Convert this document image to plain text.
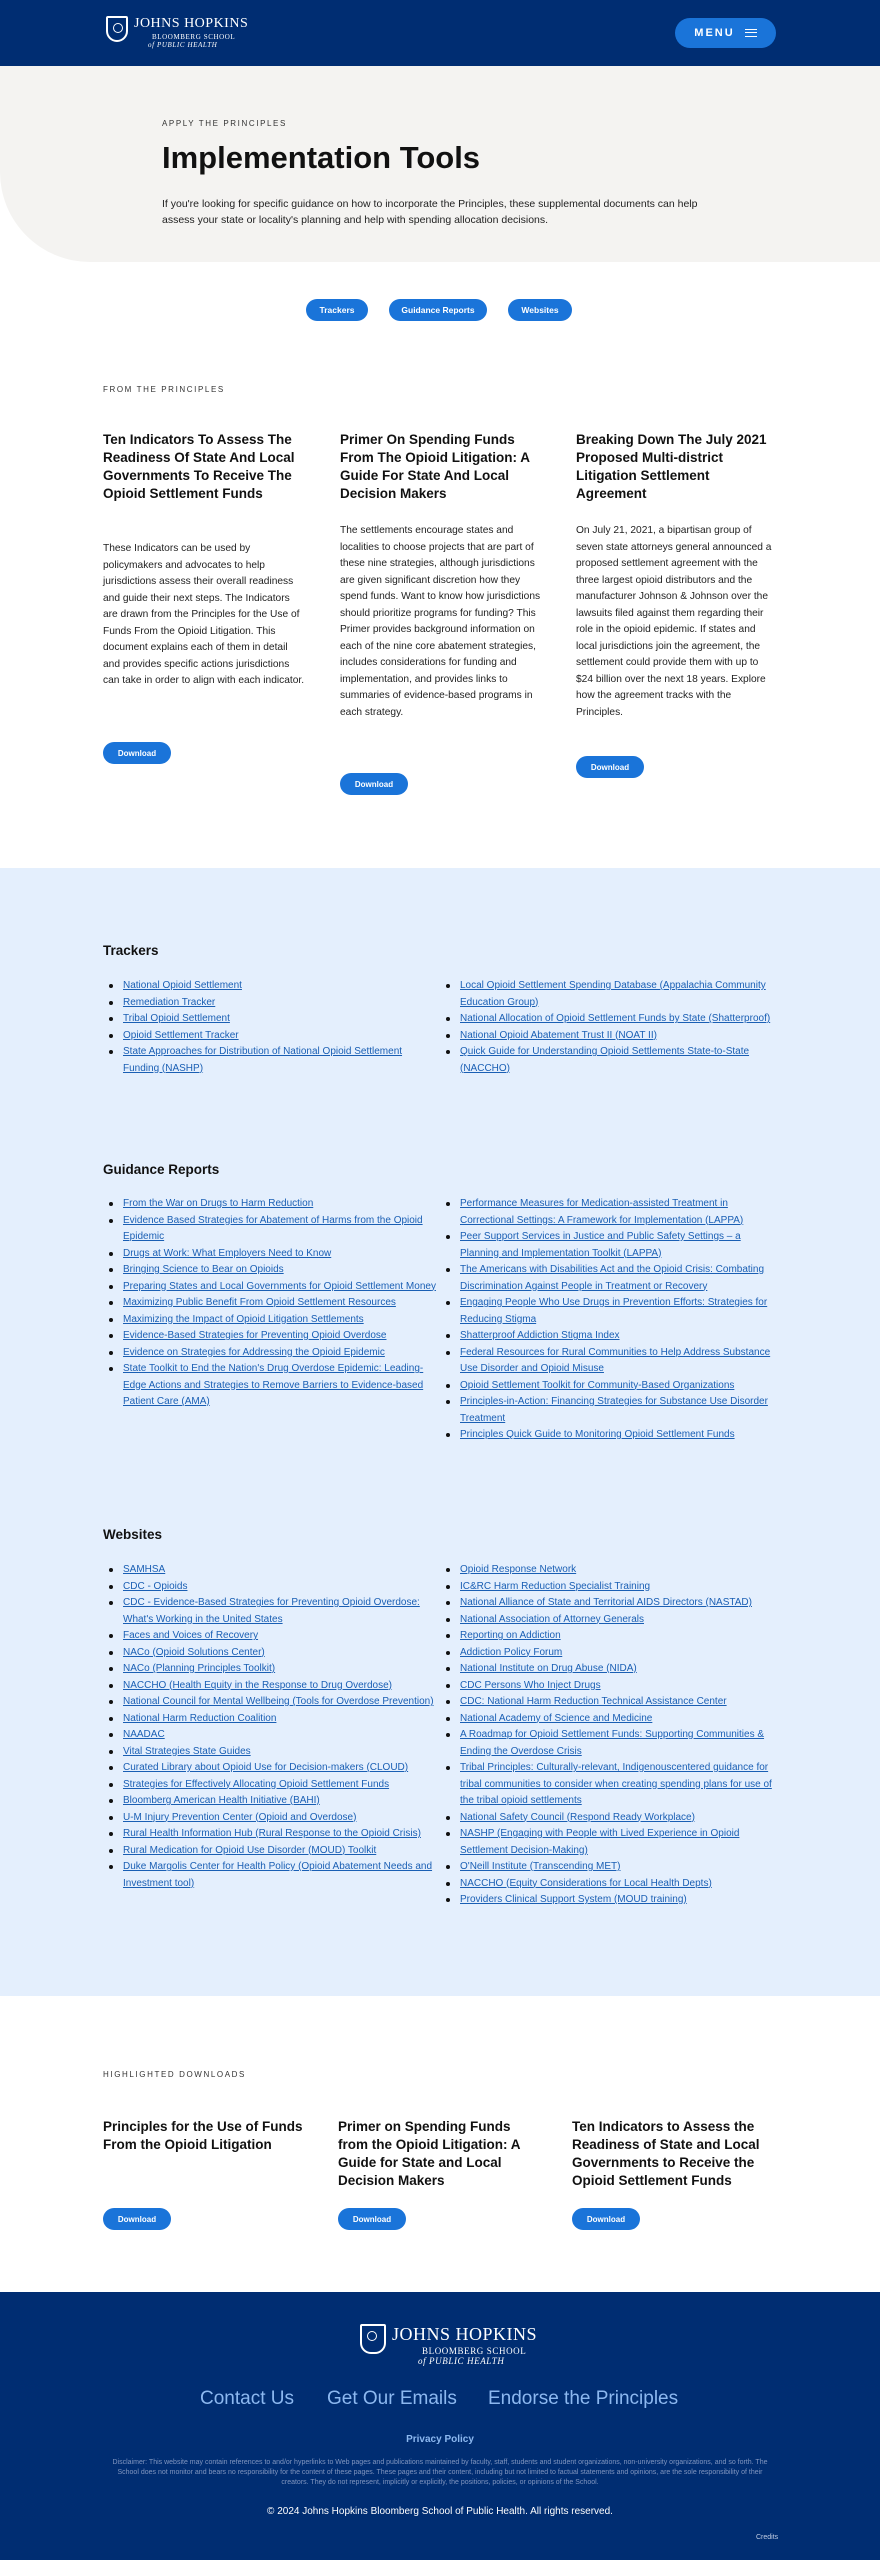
JOHNS HOPKINS
BLOOMBERG SCHOOL
of PUBLIC HEALTH
MENU
APPLY THE PRINCIPLES
Implementation Tools

If you're looking for specific guidance on how to incorporate the Principles, these supplemental documents can help assess your state or locality's planning and help with spending allocation decisions.

Trackers	Guidance Reports	Websites
FROM THE PRINCIPLES
Ten Indicators To Assess The Readiness Of State And Local Governments To Receive The Opioid Settlement Funds
These Indicators can be used by policymakers and advocates to help jurisdictions assess their overall readiness and guide their next steps. The Indicators are drawn from the Principles for the Use of Funds From the Opioid Litigation. This document explains each of them in detail and provides specific actions jurisdictions can take in order to align with each indicator.
Download
Primer On Spending Funds From The Opioid Litigation: A Guide For State And Local Decision Makers
The settlements encourage states and localities to choose projects that are part of these nine strategies, although jurisdictions are given significant discretion how they spend funds. Want to know how jurisdictions should prioritize programs for funding? This Primer provides background information on each of the nine core abatement strategies, includes considerations for funding and implementation, and provides links to summaries of evidence-based programs in each strategy.
Download
Breaking Down The July 2021 Proposed Multi-district Litigation Settlement Agreement
On July 21, 2021, a bipartisan group of seven state attorneys general announced a proposed settlement agreement with the three largest opioid distributors and the manufacturer Johnson & Johnson over the lawsuits filed against them regarding their role in the opioid epidemic. If states and local jurisdictions join the agreement, the settlement could provide them with up to $24 billion over the next 18 years. Explore how the agreement tracks with the Principles.
Download
Trackers
National Opioid Settlement
Remediation Tracker
Tribal Opioid Settlement
Opioid Settlement Tracker
State Approaches for Distribution of National Opioid Settlement Funding (NASHP)
Local Opioid Settlement Spending Database (Appalachia Community Education Group)
National Allocation of Opioid Settlement Funds by State (Shatterproof)
National Opioid Abatement Trust II (NOAT II)
Quick Guide for Understanding Opioid Settlements State-to-State (NACCHO)
Guidance Reports
From the War on Drugs to Harm Reduction
Evidence Based Strategies for Abatement of Harms from the Opioid Epidemic
Drugs at Work: What Employers Need to Know
Bringing Science to Bear on Opioids
Preparing States and Local Governments for Opioid Settlement Money
Maximizing Public Benefit From Opioid Settlement Resources
Maximizing the Impact of Opioid Litigation Settlements
Evidence-Based Strategies for Preventing Opioid Overdose
Evidence on Strategies for Addressing the Opioid Epidemic
State Toolkit to End the Nation's Drug Overdose Epidemic: Leading-Edge Actions and Strategies to Remove Barriers to Evidence-based Patient Care (AMA)
Performance Measures for Medication-assisted Treatment in Correctional Settings: A Framework for Implementation (LAPPA)
Peer Support Services in Justice and Public Safety Settings – a Planning and Implementation Toolkit (LAPPA)
The Americans with Disabilities Act and the Opioid Crisis: Combating Discrimination Against People in Treatment or Recovery
Engaging People Who Use Drugs in Prevention Efforts: Strategies for Reducing Stigma
Shatterproof Addiction Stigma Index
Federal Resources for Rural Communities to Help Address Substance Use Disorder and Opioid Misuse
Opioid Settlement Toolkit for Community-Based Organizations
Principles-in-Action: Financing Strategies for Substance Use Disorder Treatment
Principles Quick Guide to Monitoring Opioid Settlement Funds
Websites
SAMHSA
CDC - Opioids
CDC - Evidence-Based Strategies for Preventing Opioid Overdose: What's Working in the United States
Faces and Voices of Recovery
NACo (Opioid Solutions Center)
NACo (Planning Principles Toolkit)
NACCHO (Health Equity in the Response to Drug Overdose)
National Council for Mental Wellbeing (Tools for Overdose Prevention)
National Harm Reduction Coalition
NAADAC
Vital Strategies State Guides
Curated Library about Opioid Use for Decision-makers (CLOUD)
Strategies for Effectively Allocating Opioid Settlement Funds
Bloomberg American Health Initiative (BAHI)
U-M Injury Prevention Center (Opioid and Overdose)
Rural Health Information Hub (Rural Response to the Opioid Crisis)
Rural Medication for Opioid Use Disorder (MOUD) Toolkit
Duke Margolis Center for Health Policy (Opioid Abatement Needs and Investment tool)
Opioid Response Network
IC&RC Harm Reduction Specialist Training
National Alliance of State and Territorial AIDS Directors (NASTAD)
National Association of Attorney Generals
Reporting on Addiction
Addiction Policy Forum
National Institute on Drug Abuse (NIDA)
CDC Persons Who Inject Drugs
CDC: National Harm Reduction Technical Assistance Center
National Academy of Science and Medicine
A Roadmap for Opioid Settlement Funds: Supporting Communities & Ending the Overdose Crisis
Tribal Principles: Culturally-relevant, Indigenouscentered guidance for tribal communities to consider when creating spending plans for use of the tribal opioid settlements
National Safety Council (Respond Ready Workplace)
NASHP (Engaging with People with Lived Experience in Opioid Settlement Decision-Making)
O'Neill Institute (Transcending MET)
NACCHO (Equity Considerations for Local Health Depts)
Providers Clinical Support System (MOUD training)
HIGHLIGHTED DOWNLOADS
Principles for the Use of Funds From the Opioid Litigation
Download
Primer on Spending Funds from the Opioid Litigation: A Guide for State and Local Decision Makers
Download
Ten Indicators to Assess the Readiness of State and Local Governments to Receive the Opioid Settlement Funds
Download
JOHNS HOPKINS
BLOOMBERG SCHOOL
of PUBLIC HEALTH
Contact Us Get Our Emails Endorse the Principles
Privacy Policy
Disclaimer: This website may contain references to and/or hyperlinks to Web pages and publications maintained by faculty, staff, students and student organizations, non-university organizations, and so forth. The School does not monitor and bears no responsibility for the content of these pages. These pages and their content, including but not limited to factual statements and opinions, are the sole responsibility of their creators. They do not represent, implicitly or explicitly, the positions, policies, or opinions of the School.
© 2024 Johns Hopkins Bloomberg School of Public Health. All rights reserved.
Credits
